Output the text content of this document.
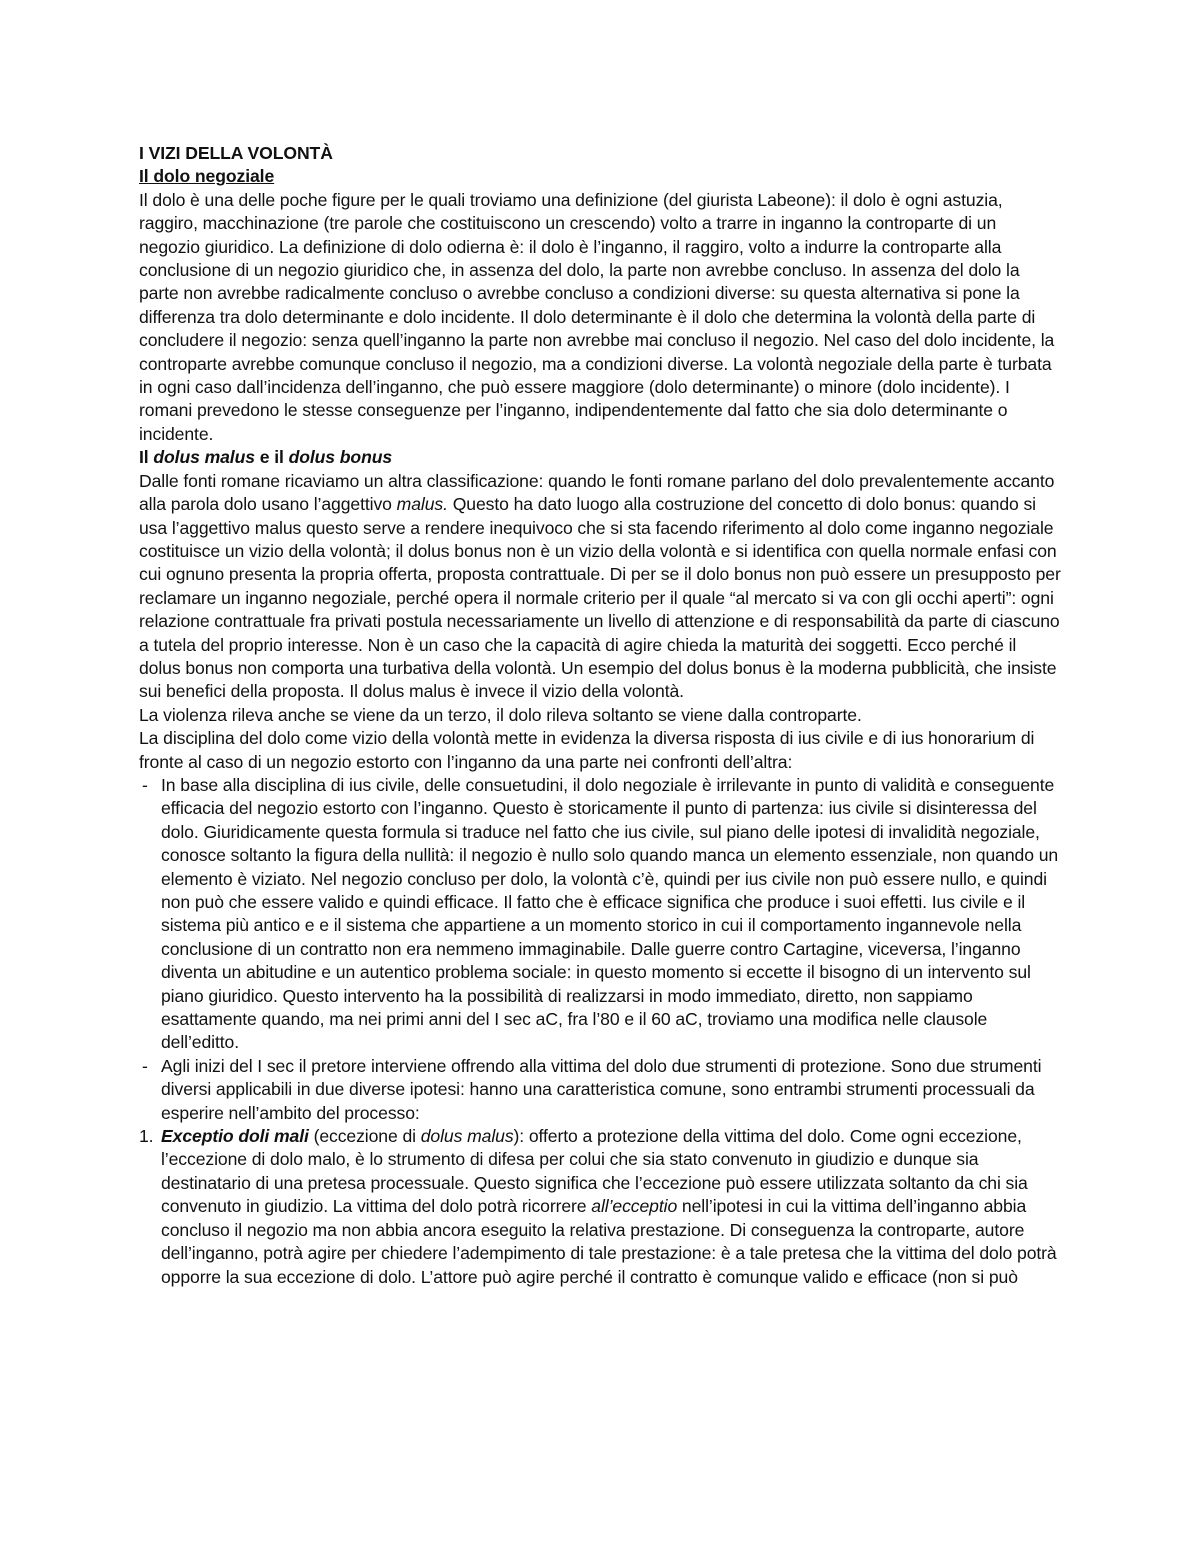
I VIZI DELLA VOLONTÀ

Il dolo negoziale

Il dolo è una delle poche figure per le quali troviamo una definizione (del giurista Labeone): il dolo è ogni astuzia, raggiro, macchinazione (tre parole che costituiscono un crescendo) volto a trarre in inganno la controparte di un negozio giuridico. La definizione di dolo odierna è: il dolo è l’inganno, il raggiro, volto a indurre la controparte alla conclusione di un negozio giuridico che, in assenza del dolo, la parte non avrebbe concluso. In assenza del dolo la parte non avrebbe radicalmente concluso o avrebbe concluso a condizioni diverse: su questa alternativa si pone la differenza tra dolo determinante e dolo incidente. Il dolo determinante è il dolo che determina la volontà della parte di concludere il negozio: senza quell’inganno la parte non avrebbe mai concluso il negozio. Nel caso del dolo incidente, la controparte avrebbe comunque concluso il negozio, ma a condizioni diverse. La volontà negoziale della parte è turbata in ogni caso dall’incidenza dell’inganno, che può essere maggiore (dolo determinante) o minore (dolo incidente). I romani prevedono le stesse conseguenze per l’inganno, indipendentemente dal fatto che sia dolo determinante o incidente.

Il dolus malus e il dolus bonus

Dalle fonti romane ricaviamo un altra classificazione: quando le fonti romane parlano del dolo prevalentemente accanto alla parola dolo usano l’aggettivo malus. Questo ha dato luogo alla costruzione del concetto di dolo bonus: quando si usa l’aggettivo malus questo serve a rendere inequivoco che si sta facendo riferimento al dolo come inganno negoziale costituisce un vizio della volontà; il dolus bonus non è un vizio della volontà e si identifica con quella normale enfasi con cui ognuno presenta la propria offerta, proposta contrattuale. Di per se il dolo bonus non può essere un presupposto per reclamare un inganno negoziale, perché opera il normale criterio per il quale “al mercato si va con gli occhi aperti”: ogni relazione contrattuale fra privati postula necessariamente un livello di attenzione e di responsabilità da parte di ciascuno a tutela del proprio interesse. Non è un caso che la capacità di agire chieda la maturità dei soggetti. Ecco perché il dolus bonus non comporta una turbativa della volontà. Un esempio del dolus bonus è la moderna pubblicità, che insiste sui benefici della proposta. Il dolus malus è invece il vizio della volontà.

La violenza rileva anche se viene da un terzo, il dolo rileva soltanto se viene dalla controparte.

La disciplina del dolo come vizio della volontà mette in evidenza la diversa risposta di ius civile e di ius honorarium di fronte al caso di un negozio estorto con l’inganno da una parte nei confronti dell’altra:

- In base alla disciplina di ius civile, delle consuetudini, il dolo negoziale è irrilevante in punto di validità e conseguente efficacia del negozio estorto con l’inganno. Questo è storicamente il punto di partenza: ius civile si disinteressa del dolo. Giuridicamente questa formula si traduce nel fatto che ius civile, sul piano delle ipotesi di invalidità negoziale, conosce soltanto la figura della nullità: il negozio è nullo solo quando manca un elemento essenziale, non quando un elemento è viziato. Nel negozio concluso per dolo, la volontà c’è, quindi per ius civile non può essere nullo, e quindi non può che essere valido e quindi efficace. Il fatto che è efficace significa che produce i suoi effetti. Ius civile e il sistema più antico e e il sistema che appartiene a un momento storico in cui il comportamento ingannevole nella conclusione di un contratto non era nemmeno immaginabile. Dalle guerre contro Cartagine, viceversa, l’inganno diventa un abitudine e un autentico problema sociale: in questo momento si eccette il bisogno di un intervento sul piano giuridico. Questo intervento ha la possibilità di realizzarsi in modo immediato, diretto, non sappiamo esattamente quando, ma nei primi anni del I sec aC, fra l’80 e il 60 aC, troviamo una modifica nelle clausole dell’editto.
- Agli inizi del I sec il pretore interviene offrendo alla vittima del dolo due strumenti di protezione. Sono due strumenti diversi applicabili in due diverse ipotesi: hanno una caratteristica comune, sono entrambi strumenti processuali da esperire nell’ambito del processo:
1. Exceptio doli mali (eccezione di dolus malus): offerto a protezione della vittima del dolo. Come ogni eccezione, l’eccezione di dolo malo, è lo strumento di difesa per colui che sia stato convenuto in giudizio e dunque sia destinatario di una pretesa processuale. Questo significa che l’eccezione può essere utilizzata soltanto da chi sia convenuto in giudizio. La vittima del dolo potrà ricorrere all’ecceptio nell’ipotesi in cui la vittima dell’inganno abbia concluso il negozio ma non abbia ancora eseguito la relativa prestazione. Di conseguenza la controparte, autore dell’inganno, potrà agire per chiedere l’adempimento di tale prestazione: è a tale pretesa che la vittima del dolo potrà opporre la sua eccezione di dolo. L’attore può agire perché il contratto è comunque valido e efficace (non si può
